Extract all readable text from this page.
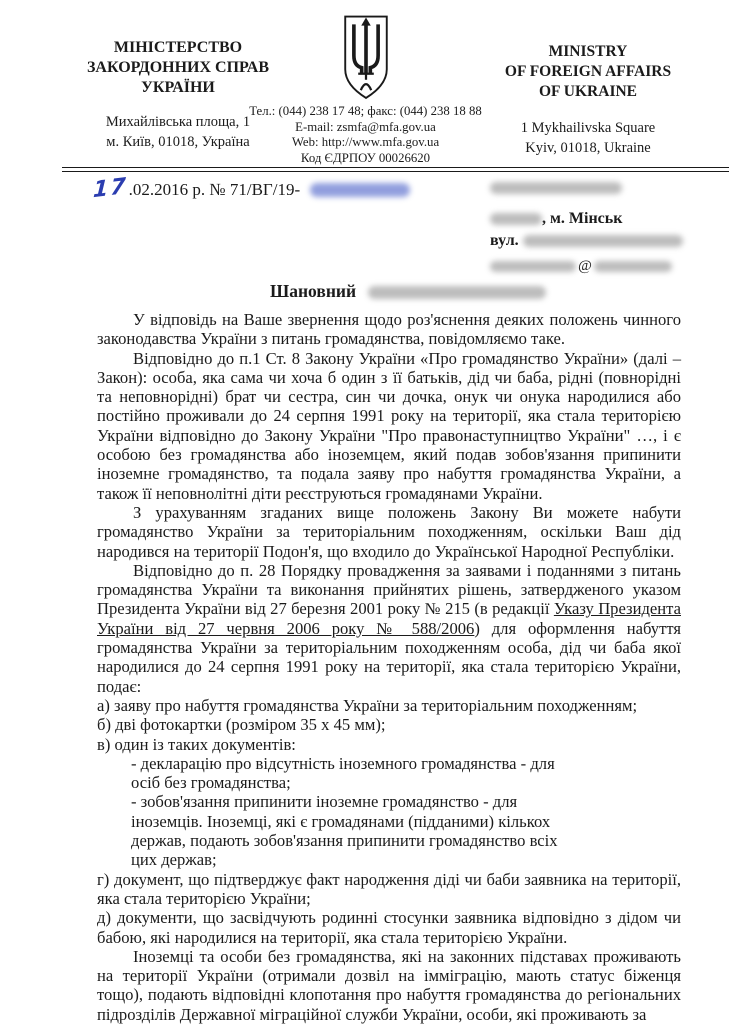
МІНІСТЕРСТВО
ЗАКОРДОННИХ СПРАВ
УКРАЇНИ
Михайлівська площа, 1
м. Київ, 01018, Україна
Тел.: (044) 238 17 48; факс: (044) 238 18 88
E-mail: zsmfa@mfa.gov.ua
Web: http://www.mfa.gov.ua
Код ЄДРПОУ 00026620
MINISTRY
OF FOREIGN AFFAIRS
OF UKRAINE
1 Mykhailivska Square
Kyiv, 01018, Ukraine
17.02.2016 р. № 71/ВГ/19-
, м. Мінськ
вул.
@
Шановний

У відповідь на Ваше звернення щодо роз'яснення деяких положень чинного законодавства України з питань громадянства, повідомляємо таке.

Відповідно до п.1 Ст. 8 Закону України «Про громадянство України» (далі – Закон): особа, яка сама чи хоча б один з її батьків, дід чи баба, рідні (повнорідні та неповнорідні) брат чи сестра, син чи дочка, онук чи онука народилися або постійно проживали до 24 серпня 1991 року на території, яка стала територією України відповідно до Закону України "Про правонаступництво України" …, і є особою без громадянства або іноземцем, який подав зобов'язання припинити іноземне громадянство, та подала заяву про набуття громадянства України, а також її неповнолітні діти реєструються громадянами України.

З урахуванням згаданих вище положень Закону Ви можете набути громадянство України за територіальним походженням, оскільки Ваш дід народився на території Подон'я, що входило до Української Народної Республіки.

Відповідно до п. 28 Порядку провадження за заявами і поданнями з питань громадянства України та виконання прийнятих рішень, затвердженого указом Президента України від 27 березня 2001 року № 215 (в редакції Указу Президента України від 27 червня 2006 року № 588/2006) для оформлення набуття громадянства України за територіальним походженням особа, дід чи баба якої народилися до 24 серпня 1991 року на території, яка стала територією України, подає:

а) заяву про набуття громадянства України за територіальним походженням;

б) дві фотокартки (розміром 35 х 45 мм);

в) один із таких документів:

- декларацію про відсутність іноземного громадянства - для осіб без громадянства;

- зобов'язання припинити іноземне громадянство - для іноземців. Іноземці, які є громадянами (підданими) кількох держав, подають зобов'язання припинити громадянство всіх цих держав;

г) документ, що підтверджує факт народження діді чи баби заявника на території, яка стала територією України;

д) документи, що засвідчують родинні стосунки заявника відповідно з дідом чи бабою, які народилися на території, яка стала територією України.

Іноземці та особи без громадянства, які на законних підставах проживають на території України (отримали дозвіл на імміграцію, мають статус біженця тощо), подають відповідні клопотання про набуття громадянства до регіональних підрозділів Державної міграційної служби України, особи, які проживають за
